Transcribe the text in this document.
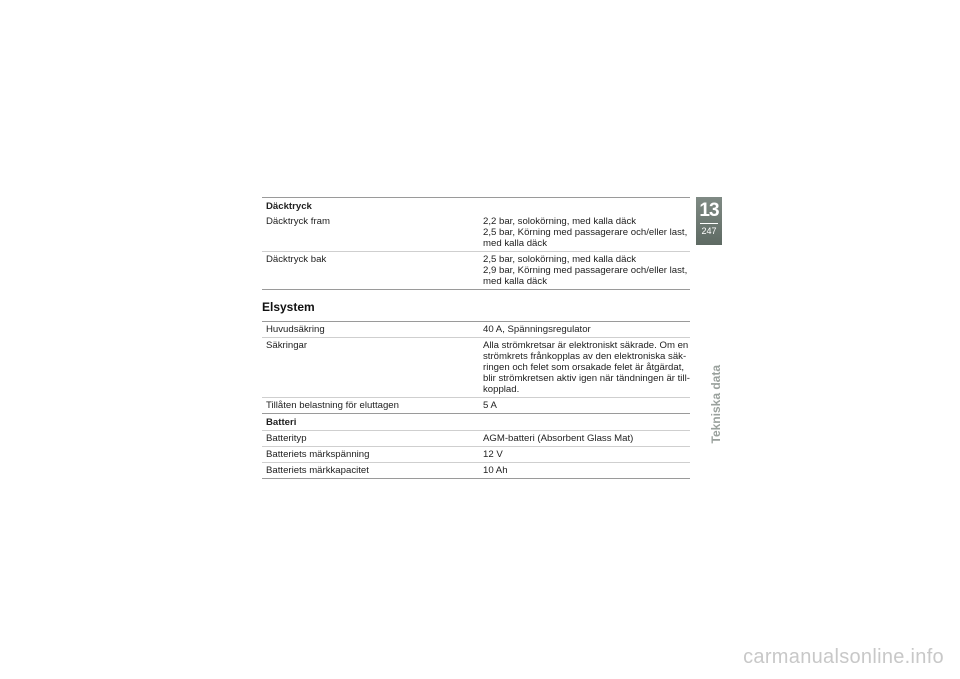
Däcktryck	
Däcktryck fram	2,2 bar, solokörning, med kalla däck
2,5 bar, Körning med passagerare och/eller last, med kalla däck

Däcktryck bak	2,5 bar, solokörning, med kalla däck
2,9 bar, Körning med passagerare och/eller last, med kalla däck
Elsystem
Huvudsäkring	40 A, Spänningsregulator
Säkringar	Alla strömkretsar är elektroniskt säkrade. Om en strömkrets frånkopplas av den elektroniska säk-ringen och felet som orsakade felet är åtgärdat, blir strömkretsen aktiv igen när tändningen är till-kopplad.
Tillåten belastning för eluttagen	5 A
Batteri	
Batterityp	AGM-batteri (Absorbent Glass Mat)
Batteriets märkspänning	12 V
Batteriets märkkapacitet	10 Ah
13
247
Tekniska data
carmanualsonline.info
